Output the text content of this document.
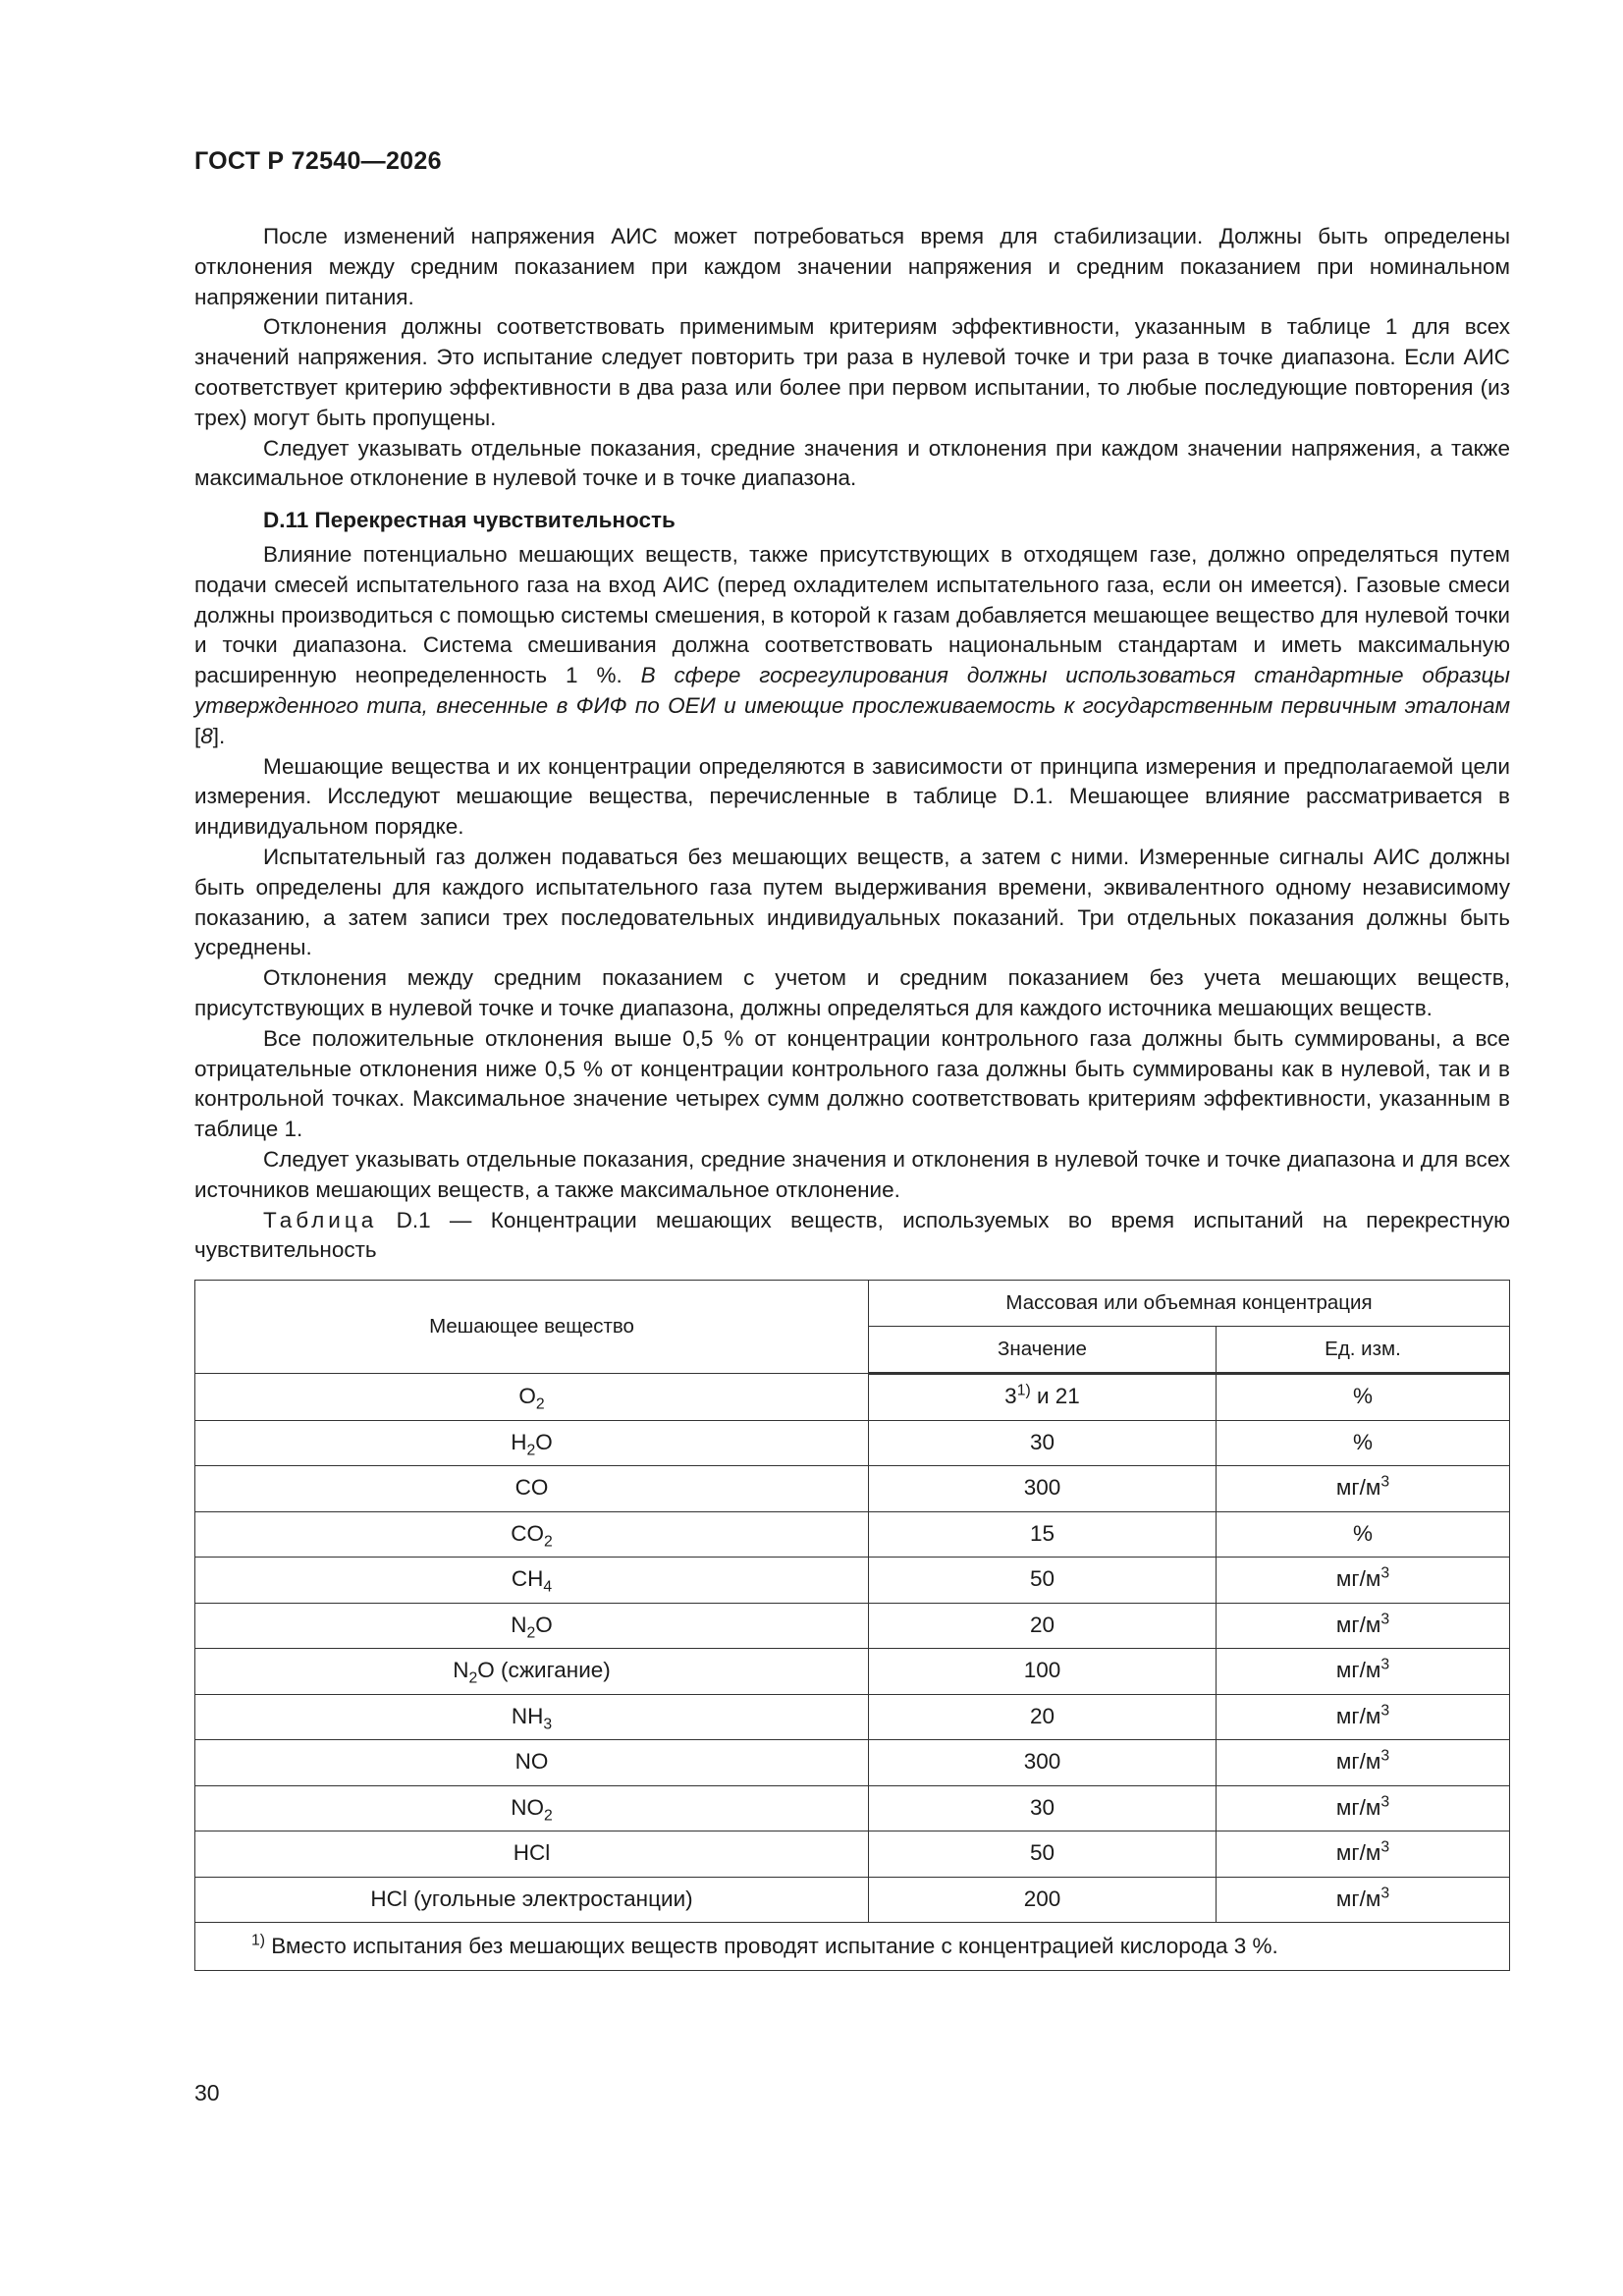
ГОСТ Р 72540—2026

После изменений напряжения АИС может потребоваться время для стабилизации. Должны быть определены отклонения между средним показанием при каждом значении напряжения и средним показанием при номинальном напряжении питания.

Отклонения должны соответствовать применимым критериям эффективности, указанным в таблице 1 для всех значений напряжения. Это испытание следует повторить три раза в нулевой точке и три раза в точке диапазона. Если АИС соответствует критерию эффективности в два раза или более при первом испытании, то любые последующие повторения (из трех) могут быть пропущены.

Следует указывать отдельные показания, средние значения и отклонения при каждом значении напряжения, а также максимальное отклонение в нулевой точке и в точке диапазона.

D.11 Перекрестная чувствительность

Влияние потенциально мешающих веществ, также присутствующих в отходящем газе, должно определяться путем подачи смесей испытательного газа на вход АИС (перед охладителем испытательного газа, если он имеется). Газовые смеси должны производиться с помощью системы смешения, в которой к газам добавляется мешающее вещество для нулевой точки и точки диапазона. Система смешивания должна соответствовать национальным стандартам и иметь максимальную расширенную неопределенность 1 %. В сфере госрегулирования должны использоваться стандартные образцы утвержденного типа, внесенные в ФИФ по ОЕИ и имеющие прослеживаемость к государственным первичным эталонам [8].

Мешающие вещества и их концентрации определяются в зависимости от принципа измерения и предполагаемой цели измерения. Исследуют мешающие вещества, перечисленные в таблице D.1. Мешающее влияние рассматривается в индивидуальном порядке.

Испытательный газ должен подаваться без мешающих веществ, а затем с ними. Измеренные сигналы АИС должны быть определены для каждого испытательного газа путем выдерживания времени, эквивалентного одному независимому показанию, а затем записи трех последовательных индивидуальных показаний. Три отдельных показания должны быть усреднены.

Отклонения между средним показанием с учетом и средним показанием без учета мешающих веществ, присутствующих в нулевой точке и точке диапазона, должны определяться для каждого источника мешающих веществ.

Все положительные отклонения выше 0,5 % от концентрации контрольного газа должны быть суммированы, а все отрицательные отклонения ниже 0,5 % от концентрации контрольного газа должны быть суммированы как в нулевой, так и в контрольной точках. Максимальное значение четырех сумм должно соответствовать критериям эффективности, указанным в таблице 1.

Следует указывать отдельные показания, средние значения и отклонения в нулевой точке и точке диапазона и для всех источников мешающих веществ, а также максимальное отклонение.

Таблица D.1 — Концентрации мешающих веществ, используемых во время испытаний на перекрестную чувствительность

Мешающее вещество	Массовая или объемная концентрация	
	Значение	Ед. изм.
$O_2$	3$^{1)}$ и 21	%
$H_2O$	30	%
CO	300	$мг/м^3$
$CO_2$	15	%
$CH_4$	50	$мг/м^3$
$N_2O$	20	$мг/м^3$
$N_2O$ (сжигание)	100	$мг/м^3$
$NH_3$	20	$мг/м^3$
NO	300	$мг/м^3$
$NO_2$	30	$мг/м^3$
HCl	50	$мг/м^3$
HCl (угольные электростанции)	200	$мг/м^3$
$^{1)}$ Вместо испытания без мешающих веществ проводят испытание с концентрацией кислорода 3 %.		
30
